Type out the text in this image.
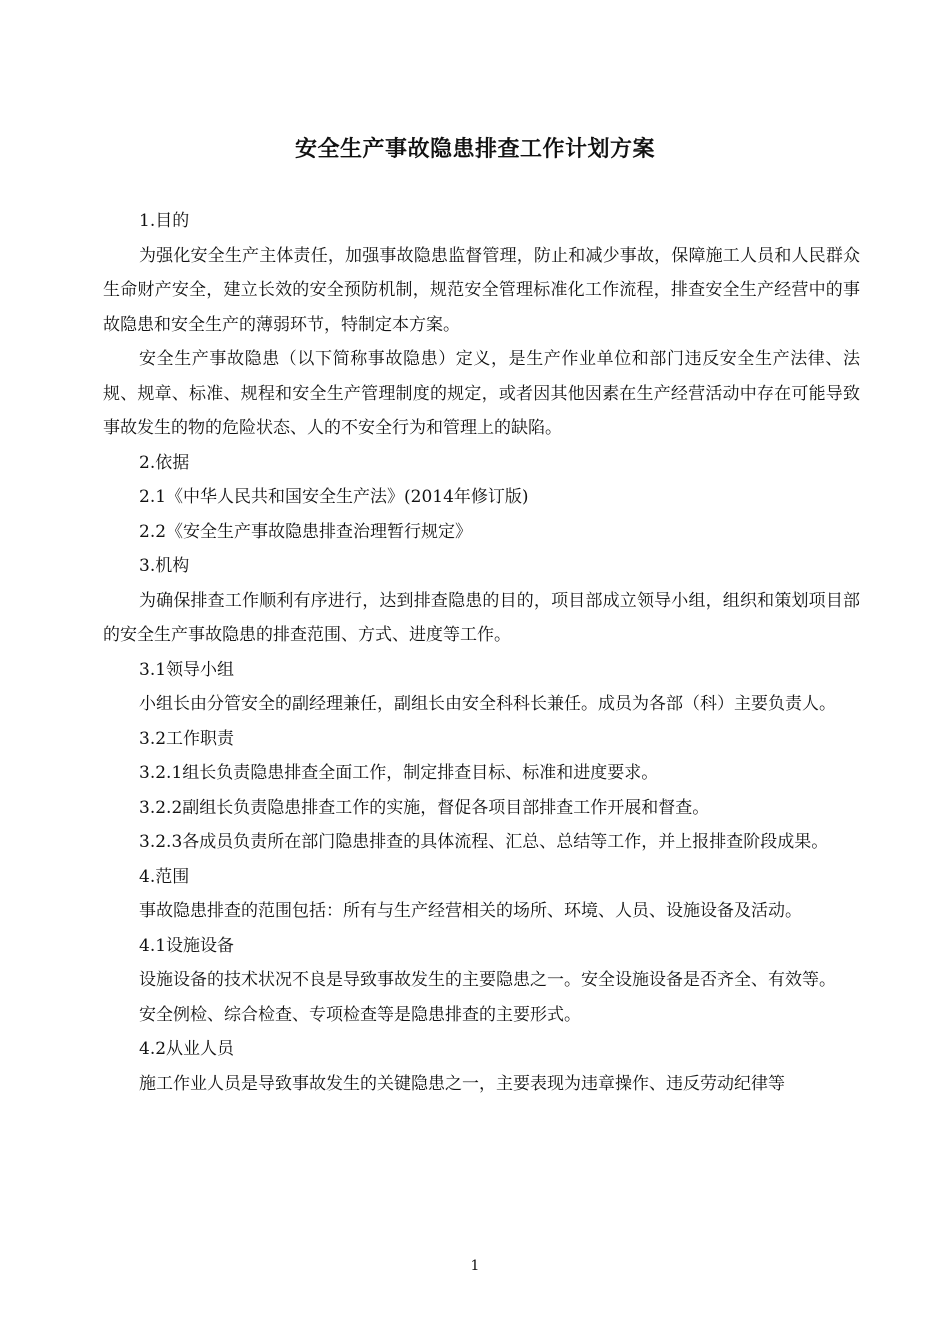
安全生产事故隐患排查工作计划方案

1.目的

为强化安全生产主体责任，加强事故隐患监督管理，防止和减少事故，保障施工人员和人民群众生命财产安全，建立长效的安全预防机制，规范安全管理标准化工作流程，排查安全生产经营中的事故隐患和安全生产的薄弱环节，特制定本方案。

安全生产事故隐患（以下简称事故隐患）定义，是生产作业单位和部门违反安全生产法律、法规、规章、标准、规程和安全生产管理制度的规定，或者因其他因素在生产经营活动中存在可能导致事故发生的物的危险状态、人的不安全行为和管理上的缺陷。

2.依据

2.1《中华人民共和国安全生产法》(2014年修订版)

2.2《安全生产事故隐患排查治理暂行规定》

3.机构

为确保排查工作顺利有序进行，达到排查隐患的目的，项目部成立领导小组，组织和策划项目部的安全生产事故隐患的排查范围、方式、进度等工作。

3.1领导小组

小组长由分管安全的副经理兼任，副组长由安全科科长兼任。成员为各部（科）主要负责人。

3.2工作职责

3.2.1组长负责隐患排查全面工作，制定排查目标、标准和进度要求。

3.2.2副组长负责隐患排查工作的实施，督促各项目部排查工作开展和督查。

3.2.3各成员负责所在部门隐患排查的具体流程、汇总、总结等工作，并上报排查阶段成果。

4.范围

事故隐患排查的范围包括：所有与生产经营相关的场所、环境、人员、设施设备及活动。

4.1设施设备

设施设备的技术状况不良是导致事故发生的主要隐患之一。安全设施设备是否齐全、有效等。

安全例检、综合检查、专项检查等是隐患排查的主要形式。

4.2从业人员

施工作业人员是导致事故发生的关键隐患之一，主要表现为违章操作、违反劳动纪律等

1
